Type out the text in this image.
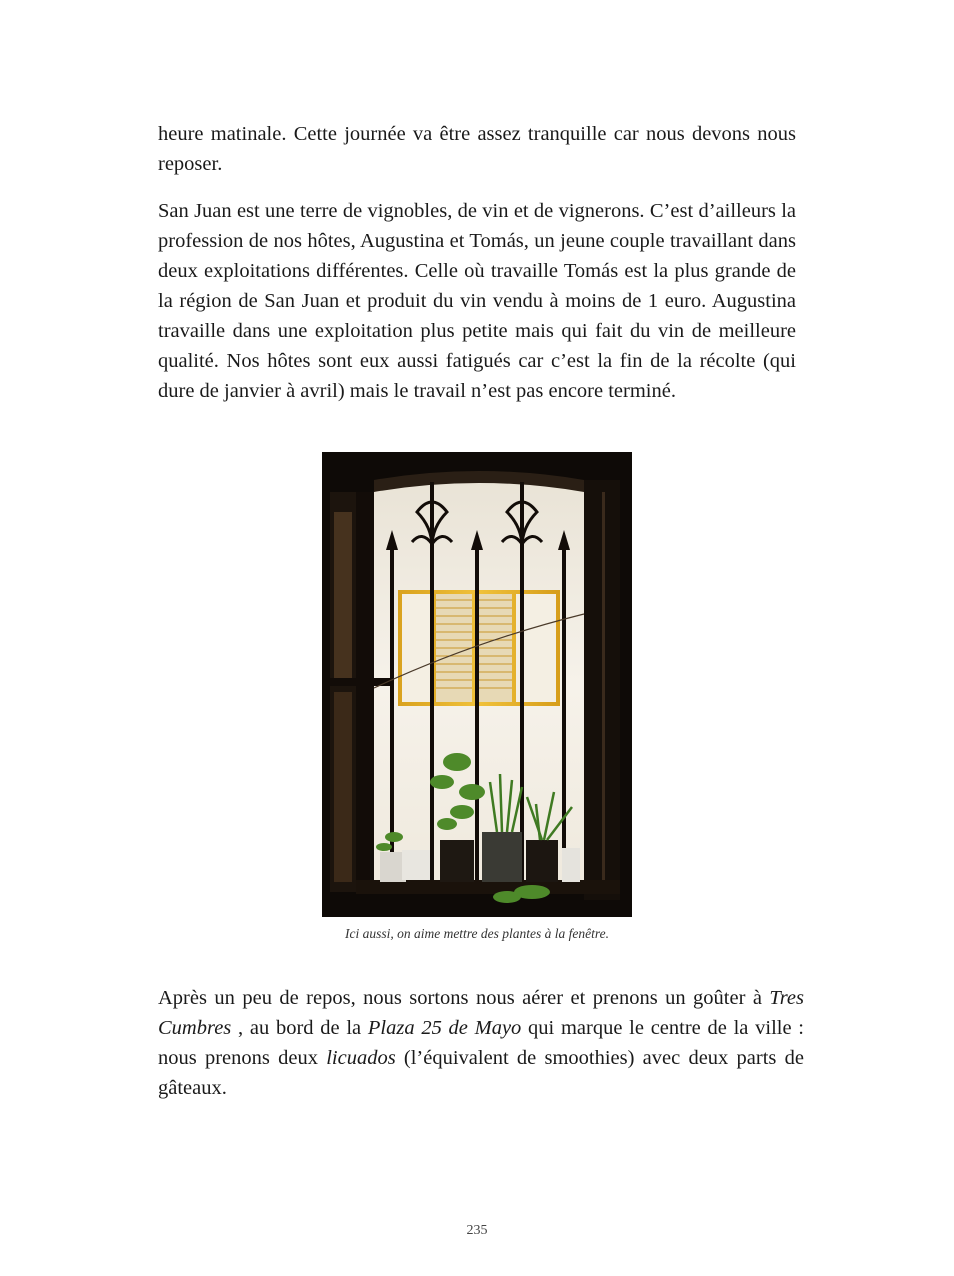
heure matinale. Cette journée va être assez tranquille car nous devons nous reposer.

San Juan est une terre de vignobles, de vin et de vignerons. C’est d’ailleurs la profession de nos hôtes, Augustina et Tomás, un jeune couple travaillant dans deux exploitations différentes. Celle où travaille Tomás est la plus grande de la région de San Juan et produit du vin vendu à moins de 1 euro. Augustina travaille dans une exploitation plus petite mais qui fait du vin de meilleure qualité. Nos hôtes sont eux aussi fatigués car c’est la fin de la récolte (qui dure de janvier à avril) mais le travail n’est pas encore terminé.

Ici aussi, on aime mettre des plantes à la fenêtre.

Après un peu de repos, nous sortons nous aérer et prenons un goûter à Tres Cumbres , au bord de la Plaza 25 de Mayo qui marque le centre de la ville : nous prenons deux licuados (l’équivalent de smoothies) avec deux parts de gâteaux.

235
